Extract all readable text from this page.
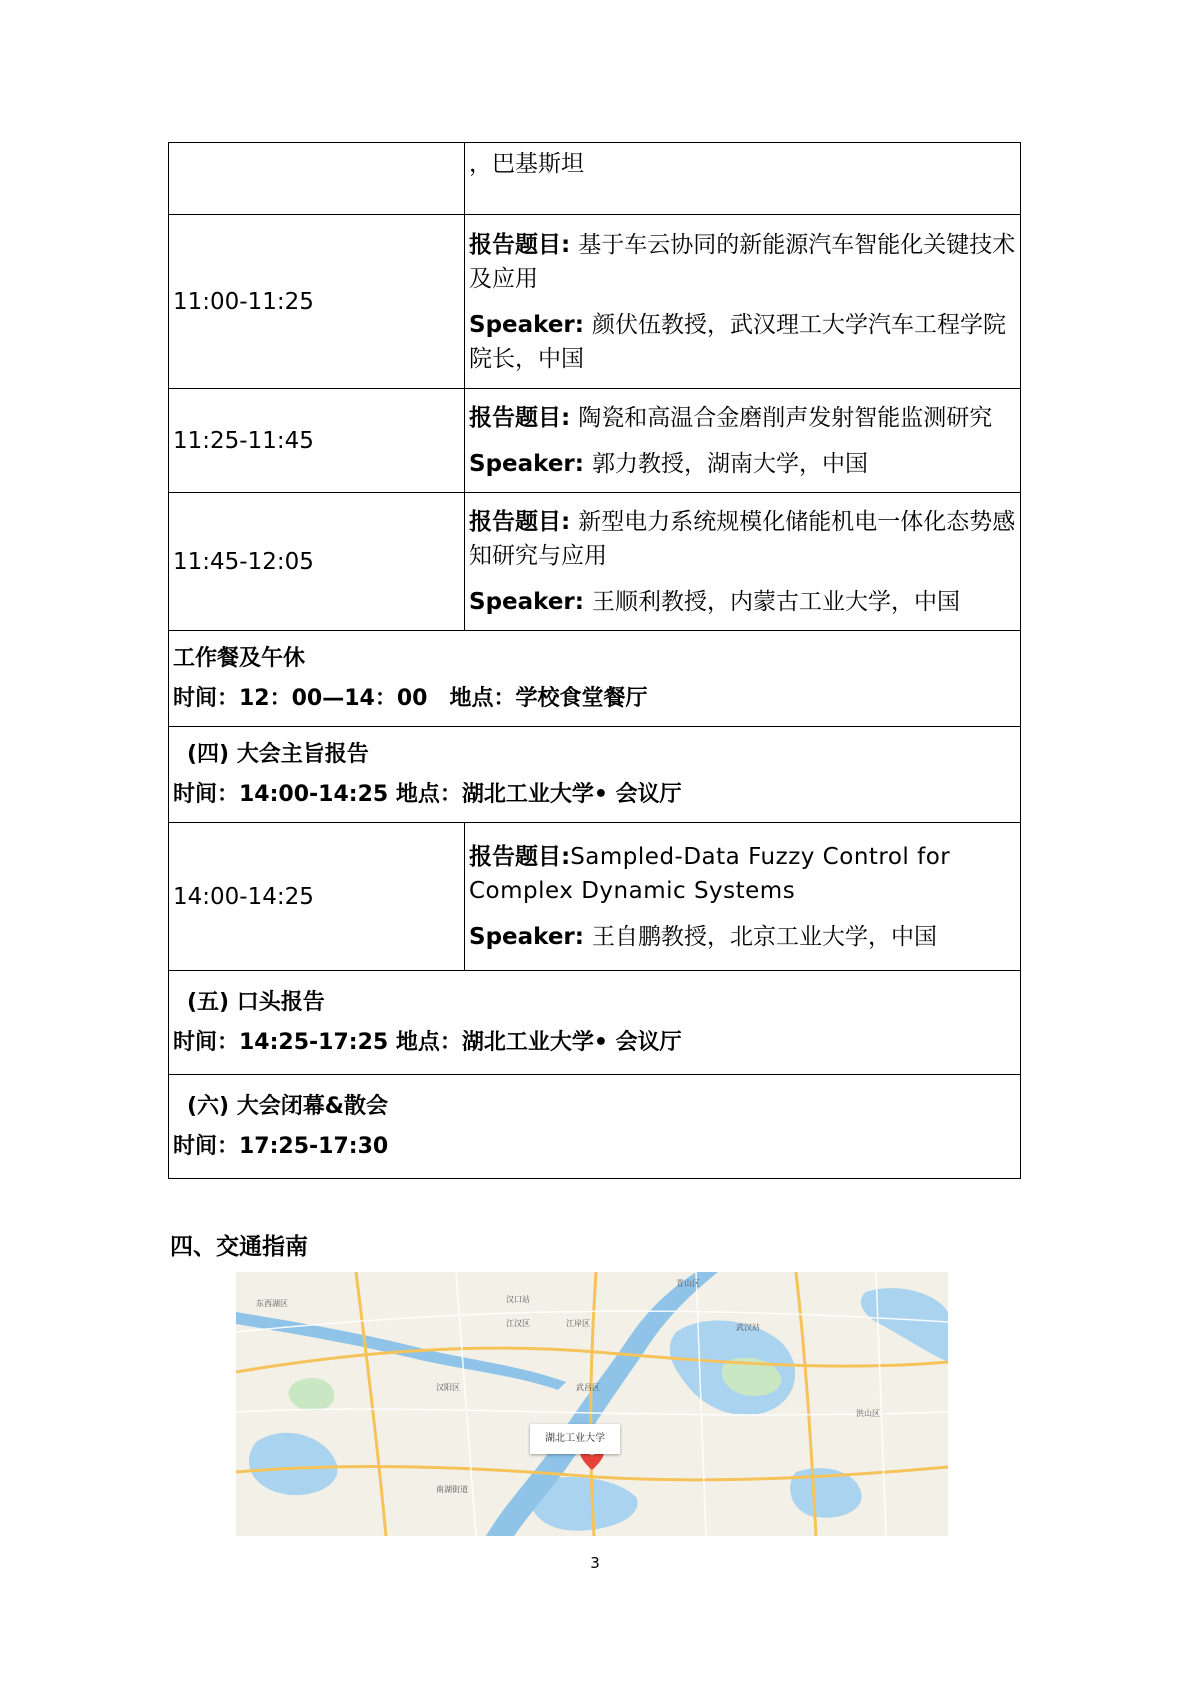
	，巴基斯坦

11:00-11:25	报告题目: 基于车云协同的新能源汽车智能化关键技术及应用

Speaker: 颜伏伍教授，武汉理工大学汽车工程学院院长，中国

11:25-11:45	报告题目: 陶瓷和高温合金磨削声发射智能监测研究

Speaker: 郭力教授，湖南大学，中国

11:45-12:05	报告题目: 新型电力系统规模化储能机电一体化态势感知研究与应用

Speaker: 王顺利教授，内蒙古工业大学，中国

工作餐及午休

时间：12：00—14：00　地点：学校食堂餐厅	

(四) 大会主旨报告

时间：14:00-14:25 地点：湖北工业大学• 会议厅	

14:00-14:25	报告题目:Sampled-Data Fuzzy Control for Complex Dynamic Systems

Speaker: 王自鹏教授，北京工业大学，中国

(五) 口头报告

时间：14:25-17:25 地点：湖北工业大学• 会议厅	

(六) 大会闭幕&散会

时间：17:25-17:30	

四、交通指南
湖北工业大学
东西湖区
江汉区	江岸区
汉阳区	武昌区
青山区
洪山区
南湖街道
武汉站
汉口站
3
